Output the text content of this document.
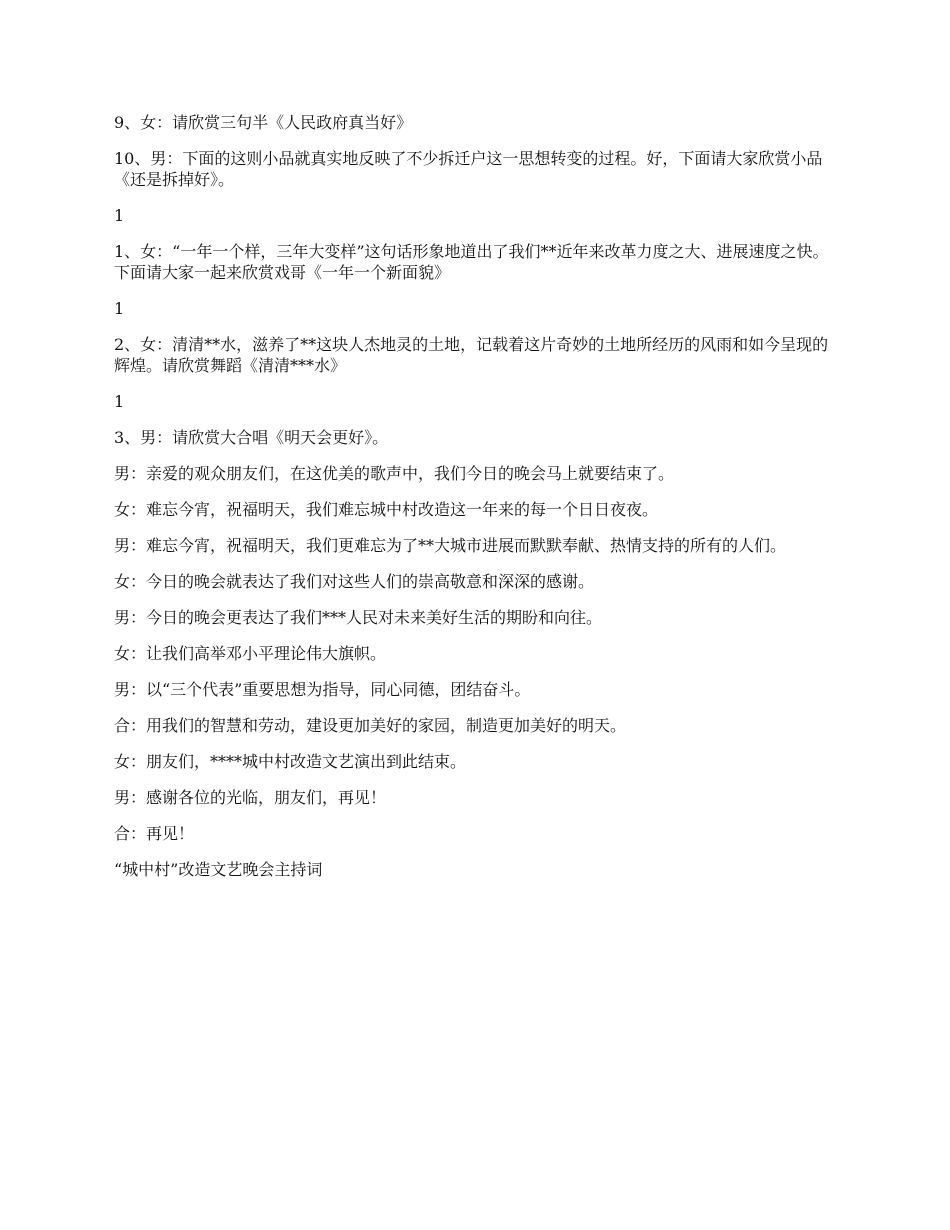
9、女：请欣赏三句半《人民政府真当好》

10、男：下面的这则小品就真实地反映了不少拆迁户这一思想转变的过程。好，下面请大家欣赏小品《还是拆掉好》。

1

1、女：“一年一个样，三年大变样”这句话形象地道出了我们**近年来改革力度之大、进展速度之快。下面请大家一起来欣赏戏哥《一年一个新面貌》

1

2、女：清清**水，滋养了**这块人杰地灵的土地，记载着这片奇妙的土地所经历的风雨和如今呈现的辉煌。请欣赏舞蹈《清清***水》

1

3、男：请欣赏大合唱《明天会更好》。

男：亲爱的观众朋友们，在这优美的歌声中，我们今日的晚会马上就要结束了。

女：难忘今宵，祝福明天，我们难忘城中村改造这一年来的每一个日日夜夜。

男：难忘今宵，祝福明天，我们更难忘为了**大城市进展而默默奉献、热情支持的所有的人们。

女：今日的晚会就表达了我们对这些人们的崇高敬意和深深的感谢。

男：今日的晚会更表达了我们***人民对未来美好生活的期盼和向往。

女：让我们高举邓小平理论伟大旗帜。

男：以“三个代表”重要思想为指导，同心同德，团结奋斗。

合：用我们的智慧和劳动，建设更加美好的家园，制造更加美好的明天。

女：朋友们，****城中村改造文艺演出到此结束。

男：感谢各位的光临，朋友们，再见！

合：再见！

“城中村”改造文艺晚会主持词
